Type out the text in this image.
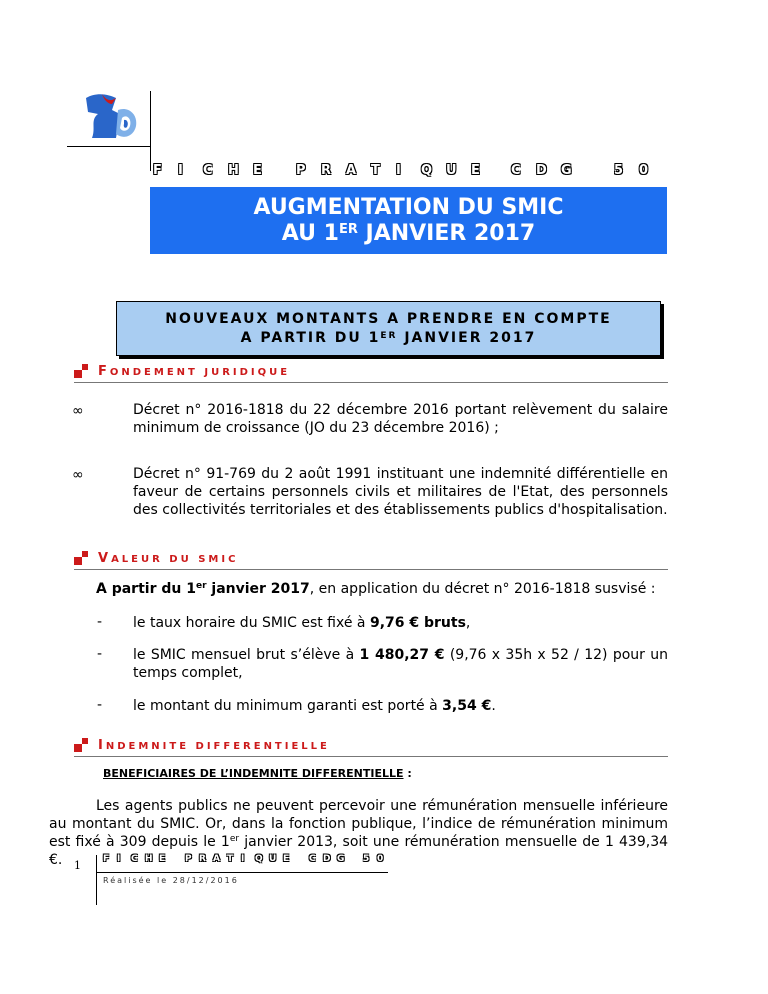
F	I	C	H	E	P	R	A	T	I	Q	U	E	C	D	G	5	0
AUGMENTATION DU SMIC
AU 1ER JANVIER 2017
NOUVEAUX MONTANTS A PRENDRE EN COMPTE
A PARTIR DU 1ER JANVIER 2017
FONDEMENT JURIDIQUE
∞	Décret n° 2016-1818 du 22 décembre 2016 portant relèvement du salaire minimum de croissance (JO du 23 décembre 2016) ;
∞	Décret n° 91-769 du 2 août 1991 instituant une indemnité différentielle en faveur de certains personnels civils et militaires de l'Etat, des personnels des collectivités territoriales et des établissements publics d'hospitalisation.
VALEUR DU SMIC
A partir du 1er janvier 2017, en application du décret n° 2016-1818 susvisé :
- le taux horaire du SMIC est fixé à 9,76 € bruts,
- le SMIC mensuel brut s’élève à 1 480,27 € (9,76 x 35h x 52 / 12) pour un temps complet,
- le montant du minimum garanti est porté à 3,54 €.
INDEMNITE DIFFERENTIELLE
BENEFICIAIRES DE L’INDEMNITE DIFFERENTIELLE :
Les agents publics ne peuvent percevoir une rémunération mensuelle inférieure au montant du SMIC. Or, dans la fonction publique, l’indice de rémunération minimum est fixé à 309 depuis le 1er janvier 2013, soit une rémunération mensuelle de 1 439,34 €.	1 F I	C H E	P R A T I	Q U E	C D G	5 0
Réalisée le 28/12/2016
